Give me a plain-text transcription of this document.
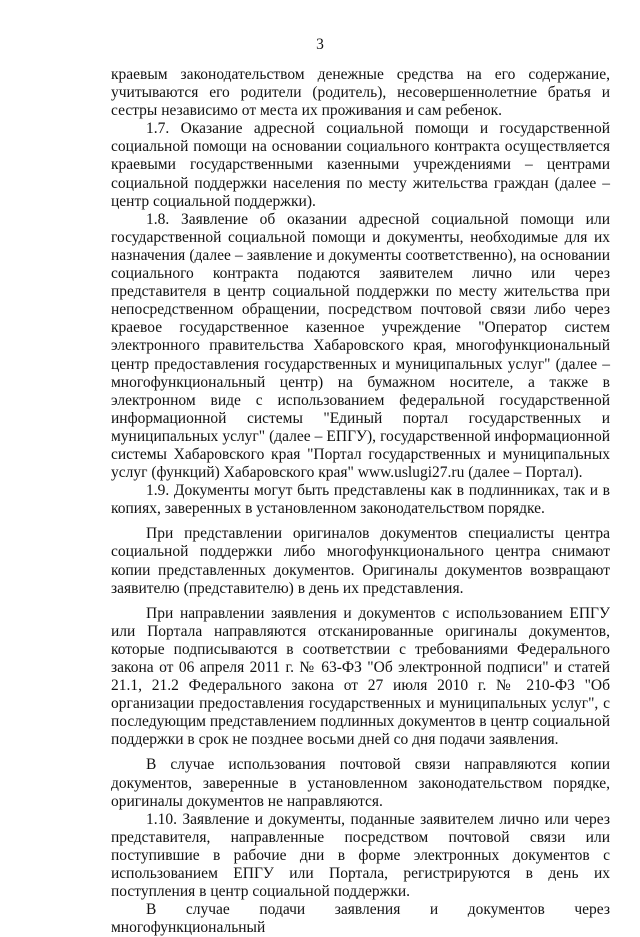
3

краевым законодательством денежные средства на его содержание, учитываются его родители (родитель), несовершеннолетние братья и сестры независимо от места их проживания и сам ребенок.

1.7. Оказание адресной социальной помощи и государственной социальной помощи на основании социального контракта осуществляется краевыми государственными казенными учреждениями – центрами социальной поддержки населения по месту жительства граждан (далее – центр социальной поддержки).

1.8. Заявление об оказании адресной социальной помощи или государственной социальной помощи и документы, необходимые для их назначения (далее – заявление и документы соответственно), на основании социального контракта подаются заявителем лично или через представителя в центр социальной поддержки по месту жительства при непосредственном обращении, посредством почтовой связи либо через краевое государственное казенное учреждение "Оператор систем электронного правительства Хабаровского края, многофункциональный центр предоставления государственных и муниципальных услуг" (далее – многофункциональный центр) на бумажном носителе, а также в электронном виде с использованием федеральной государственной информационной системы "Единый портал государственных и муниципальных услуг" (далее – ЕПГУ), государственной информационной системы Хабаровского края "Портал государственных и муниципальных услуг (функций) Хабаровского края" www.uslugi27.ru (далее – Портал).

1.9. Документы могут быть представлены как в подлинниках, так и в копиях, заверенных в установленном законодательством порядке.

При представлении оригиналов документов специалисты центра социальной поддержки либо многофункционального центра снимают копии представленных документов. Оригиналы документов возвращают заявителю (представителю) в день их представления.

При направлении заявления и документов с использованием ЕПГУ или Портала направляются отсканированные оригиналы документов, которые подписываются в соответствии с требованиями Федерального закона от 06 апреля 2011 г. № 63-ФЗ "Об электронной подписи" и статей 21.1, 21.2 Федерального закона от 27 июля 2010 г. № 210-ФЗ "Об организации предоставления государственных и муниципальных услуг", с последующим представлением подлинных документов в центр социальной поддержки в срок не позднее восьми дней со дня подачи заявления.

В случае использования почтовой связи направляются копии документов, заверенные в установленном законодательством порядке, оригиналы документов не направляются.

1.10. Заявление и документы, поданные заявителем лично или через представителя, направленные посредством почтовой связи или поступившие в рабочие дни в форме электронных документов с использованием ЕПГУ или Портала, регистрируются в день их поступления в центр социальной поддержки.

В случае подачи заявления и документов через многофункциональный
